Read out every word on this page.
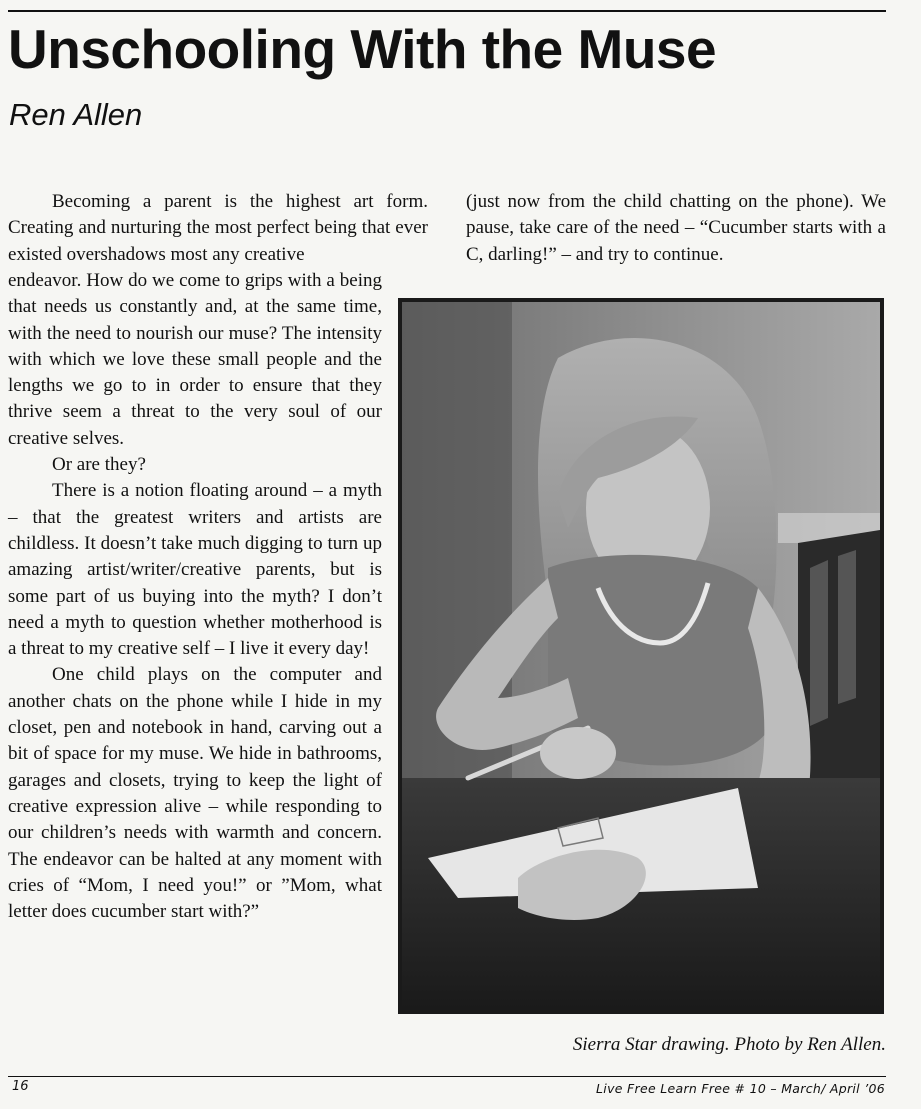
Unschooling With the Muse
Ren Allen

Becoming a parent is the highest art form. Creating and nurturing the most perfect being that ever existed overshadows most any creative

endeavor. How do we come to grips with a being that needs us constantly and, at the same time, with the need to nourish our muse? The intensity with which we love these small people and the lengths we go to in order to ensure that they thrive seem a threat to the very soul of our creative selves.

Or are they?

There is a notion floating around – a myth – that the greatest writers and artists are childless. It doesn’t take much digging to turn up amazing artist/writer/creative parents, but is some part of us buying into the myth? I don’t need a myth to question whether motherhood is a threat to my creative self – I live it every day!

One child plays on the computer and another chats on the phone while I hide in my closet, pen and notebook in hand, carving out a bit of space for my muse. We hide in bathrooms, garages and closets, trying to keep the light of creative expression alive – while responding to our children’s needs with warmth and concern. The endeavor can be halted at any moment with cries of “Mom, I need you!” or ”Mom, what letter does cucumber start with?”

(just now from the child chatting on the phone). We pause, take care of the need – “Cucumber starts with a C, darling!” – and try to continue.

Sierra Star drawing. Photo by Ren Allen.
16	Live Free Learn Free # 10 – March/ April ’06
